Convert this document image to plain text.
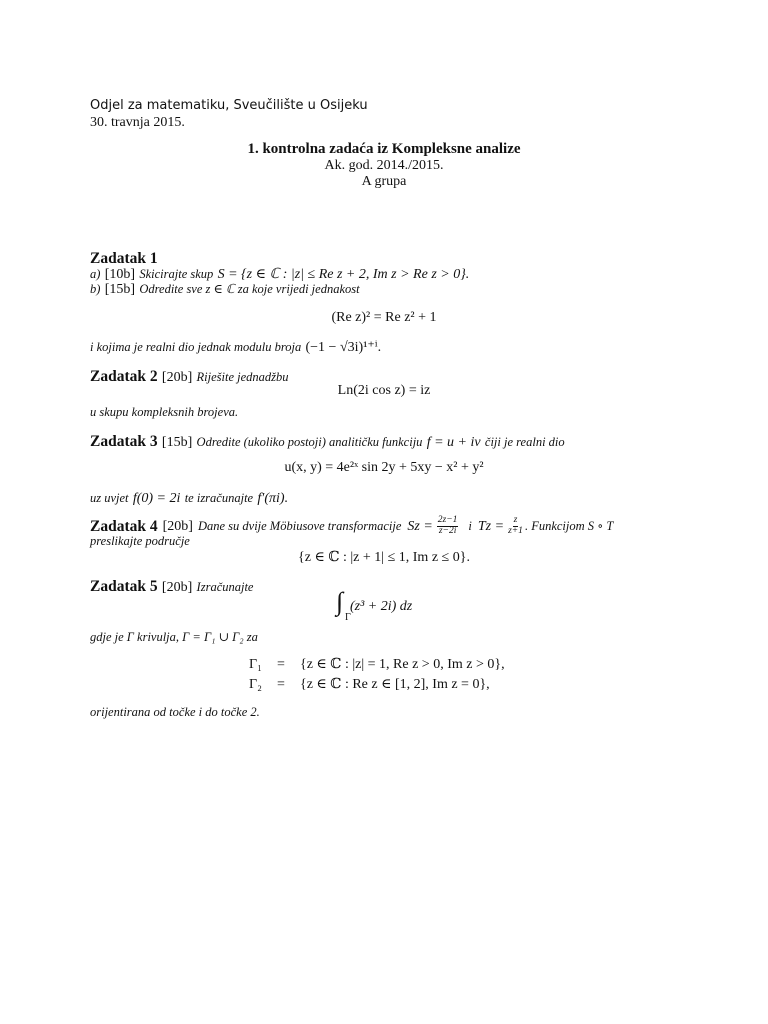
Odjel za matematiku, Sveučilište u Osijeku
30. travnja 2015.
1. kontrolna zadaća iz Kompleksne analize
Ak. god. 2014./2015.
A grupa
Zadatak 1
a) [10b] Skicirajte skup S = {z ∈ ℂ : |z| ≤ Re z + 2, Im z > Re z > 0}.
b) [15b] Odredite sve z ∈ ℂ za koje vrijedi jednakost
(Re z)² = Re z² + 1
i kojima je realni dio jednak modulu broja (−1 − √3i)¹⁺ⁱ.
Zadatak 2 [20b] Riješite jednadžbu
Ln(2i cos z) = iz
u skupu kompleksnih brojeva.
Zadatak 3 [15b] Odredite (ukoliko postoji) analitičku funkciju f = u + iv čiji je realni dio
u(x, y) = 4e²ˣ sin 2y + 5xy − x² + y²
uz uvjet f(0) = 2i te izračunajte f′(πi).
Zadatak 4 [20b] Dane su dvije Möbiusove transformacije $Sz = \frac{2z-1}{z-2i}$ i $Tz = \frac{z}{z+1}$ . Funkcijom S ∘ T
preslikajte područje
{z ∈ ℂ : |z + 1| ≤ 1, Im z ≤ 0}.
Zadatak 5 [20b] Izračunajte	∫
Γ
(z³ + 2i) dz
gdje je Γ krivulja, Γ = Γ₁ ∪ Γ₂ za
Γ₁ = {z ∈ ℂ : |z| = 1, Re z > 0, Im z > 0},
Γ₂ = {z ∈ ℂ : Re z ∈ [1, 2], Im z = 0},
orijentirana od točke i do točke 2.
